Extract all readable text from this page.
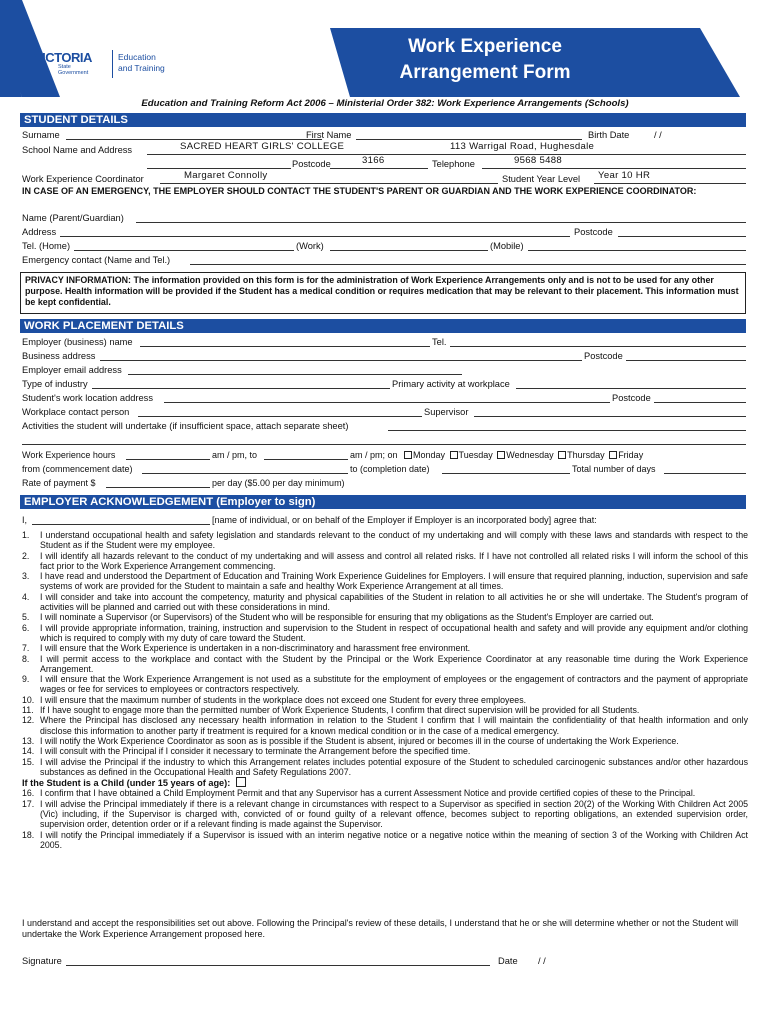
VICTORIA
State
Government
Education
and Training
Work Experience
Arrangement Form
Education and Training Reform Act 2006 – Ministerial Order 382: Work Experience Arrangements (Schools)
STUDENT DETAILS
Surname	First Name	Birth Date	/ /
School Name and Address	SACRED HEART GIRLS' COLLEGE	113 Warrigal Road, Hughesdale
Postcode	3166	Telephone	9568 5488
Work Experience Coordinator	Margaret Connolly	Student Year Level Year 10 HR
IN CASE OF AN EMERGENCY, THE EMPLOYER SHOULD CONTACT THE STUDENT'S PARENT OR GUARDIAN AND THE WORK EXPERIENCE COORDINATOR:
Name (Parent/Guardian)
Address	Postcode
Tel. (Home)	(Work)	(Mobile)
Emergency contact (Name and Tel.)
PRIVACY INFORMATION: The information provided on this form is for the administration of Work Experience Arrangements only and is not to be used for any other purpose. Health information will be provided if the Student has a medical condition or requires medication that may be relevant to their placement. This information must be kept confidential.
WORK PLACEMENT DETAILS
Employer (business) name	Tel.
Business address	Postcode
Employer email address
Type of industry	Primary activity at workplace
Student's work location address	Postcode
Workplace contact person	Supervisor
Activities the student will undertake (if insufficient space, attach separate sheet)
Work Experience hours	am / pm, to	am / pm; on	Monday Tuesday Wednesday Thursday Friday
from (commencement date)	to (completion date)	Total number of days
Rate of payment $	per day ($5.00 per day minimum)
EMPLOYER ACKNOWLEDGEMENT (Employer to sign)
I,	[name of individual, or on behalf of the Employer if Employer is an incorporated body] agree that:
1. I understand occupational health and safety legislation and standards relevant to the conduct of my undertaking and will comply with these laws and standards with respect to the Student as if the Student were my employee.
2. I will identify all hazards relevant to the conduct of my undertaking and will assess and control all related risks. If I have not controlled all related risks I will inform the school of this fact prior to the Work Experience Arrangement commencing.
3. I have read and understood the Department of Education and Training Work Experience Guidelines for Employers. I will ensure that required planning, induction, supervision and safe systems of work are provided for the Student to maintain a safe and healthy Work Experience Arrangement at all times.
4. I will consider and take into account the competency, maturity and physical capabilities of the Student in relation to all activities he or she will undertake. The Student's program of activities will be planned and carried out with these considerations in mind.
5. I will nominate a Supervisor (or Supervisors) of the Student who will be responsible for ensuring that my obligations as the Student's Employer are carried out.
6. I will provide appropriate information, training, instruction and supervision to the Student in respect of occupational health and safety and will provide any equipment and/or clothing which is required to comply with my duty of care toward the Student.
7. I will ensure that the Work Experience is undertaken in a non-discriminatory and harassment free environment.
8. I will permit access to the workplace and contact with the Student by the Principal or the Work Experience Coordinator at any reasonable time during the Work Experience Arrangement.
9. I will ensure that the Work Experience Arrangement is not used as a substitute for the employment of employees or the engagement of contractors and the payment of appropriate wages or fee for services to employees or contractors respectively.
10. I will ensure that the maximum number of students in the workplace does not exceed one Student for every three employees.
11. If I have sought to engage more than the permitted number of Work Experience Students, I confirm that direct supervision will be provided for all Students.
12. Where the Principal has disclosed any necessary health information in relation to the Student I confirm that I will maintain the confidentiality of that health information and only disclose this information to another party if treatment is required for a known medical condition or in the case of a medical emergency.
13. I will notify the Work Experience Coordinator as soon as is possible if the Student is absent, injured or becomes ill in the course of undertaking the Work Experience.
14. I will consult with the Principal if I consider it necessary to terminate the Arrangement before the specified time.
15. I will advise the Principal if the industry to which this Arrangement relates includes potential exposure of the Student to scheduled carcinogenic substances and/or other hazardous substances as defined in the Occupational Health and Safety Regulations 2007.
If the Student is a Child (under 15 years of age):
16. I confirm that I have obtained a Child Employment Permit and that any Supervisor has a current Assessment Notice and provide certified copies of these to the Principal.
17. I will advise the Principal immediately if there is a relevant change in circumstances with respect to a Supervisor as specified in section 20(2) of the Working With Children Act 2005 (Vic) including, if the Supervisor is charged with, convicted of or found guilty of a relevant offence, becomes subject to reporting obligations, an extended supervision order, supervision order, detention order or if a relevant finding is made against the Supervisor.
18. I will notify the Principal immediately if a Supervisor is issued with an interim negative notice or a negative notice within the meaning of section 3 of the Working with Children Act 2005.
I understand and accept the responsibilities set out above. Following the Principal's review of these details, I understand that he or she will determine whether or not the Student will undertake the Work Experience Arrangement proposed here.
Signature	Date / /
